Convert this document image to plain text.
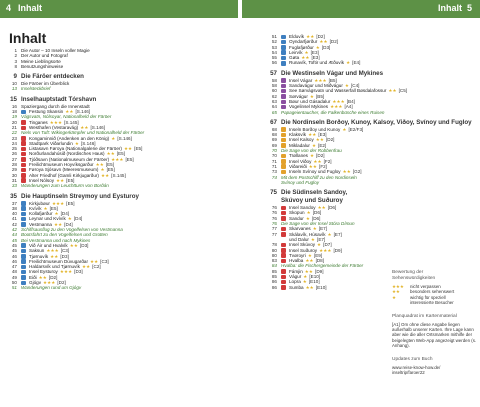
4 Inhalt	Inhalt 5
Inhalt
1 Die Autor – 10 Inseln voller Magie
2 Der Autor und Fotograf
3 Meine Lieblingsorte
8 Benutzungshinweise
9 Die Färöer entdecken
10 Die Färöer im Überblick
13 Inselsteckbrief
15 Inselhauptstadt Tórshavn
16 Spaziergang durch die Innenstadt
18	Festung Skansin ★★ [S.146]
19 Vágsvatn, Nólsoyar, Nationalheld der Färöer
20	Tinganes ★★★ [S.145]
21	Westhafen (Vestaravág) ★★ [S.146]
22 Niels von Tuft: Wikingerkämpfer und Nationalheld der Färöer
23	Kongaminnið (Andenken an den König) ★ [S.146]
24	Stadtpark Viðarlundin ★ [S.146]
25	Listasavn Føroya (Nationalgalerie der Färöer) ★★ [E5]
26	Norðurlandahúsið (Nordisches Haus) ★★ [E5]
27	Tjóðsavn (Nationalmuseum der Färöer) ★★★ [E5]
28	Freilichtmuseum Hoyvíksgarður ★★ [E5]
29	Føroya Sjósavn (Meeresmuseum) ★ [E5]
30	Alter Friedhof (Gamli Kirkjugarður) ★★ [S.145]
31	Insel Nólsoy ★★ [E5]
33 Wanderungen zum Leuchtturm von Borðán
35 Die Hauptinseln Streymoy und Eysturoy
37	Kirkjubøur ★★★ [E5]
38	Kvívík ★ [E5]
40	Kollafjørður ★ [D4]
41	Leynar und Kvívík ★ [D4]
42	Vestmanna ★★ [D4]
42 Schiffsausflug zu den Vogelfelsen von Vestmanna
44 Bootsfahrt zu den Vogelfelsen und Grotten
45 Bei Vestmanna und nach Mykines
45	Við Áir und Hvalvík ★★ [D3]
45	Saksun ★★★ [C3]
46	Tjørnuvík ★★ [D3]
46	Freilichtmuseum Dúvugarðar ★★ [C3]
47	Haldarsvík und Tjørnuvík ★★ [C2]
48	Insel Eysturoy ★★★ [D3]
49	Eiði ★★ [D2]
50	Gjógv ★★★ [D2]
51 Wanderungen rund um Gjógv
51	Elduvík ★★ [D2]
52	Oyndarfjørður ★★ [D2]
53	Fuglafjørður ★ [D3]
54	Leirvík ★ [E3]
55	Gøta ★★ [E3]
56	Runavík, Toftir und Æðuvík ★ [E4]
57 Die Westinseln Vágar und Mykines
58	Insel Vágar ★★★ [B5]
58	Sandavágur und Miðvágur ★ [C4]
60	See Sørvágsvatn und Wasserfall Bøsdalafossur ★★ [C5]
62	Sørvágur ★ [B5]
63	Bøur und Gásadalur ★★★ [B4]
64	Vogelinsel Mykines ★★★ [A4]
65 Papageientaucher, die Falkenbüsche eines Ruisen
67 Die Nordinseln Borðoy, Kunoy, Kalsoy, Viðoy, Svínoy und Fugloy
68	Inseln Borðoy und Kunoy ★ [E2/F3]
68	Klaksvík ★★ [E3]
69	Insel Kalsoy ★★ [D2]
69	Mikladalur ★ [E2]
70 Die Sage von der Robbenfrau
70	Trøllanes ★ [D2]
71	Insel Viðoy ★★ [F2]
71	Viðareiði ★★ [F2]
73	Inseln Svínoy und Fugloy ★★ [G2]
74 Mit dem Postschiff zu den Nordinseln
Svínoy und Fugloy
75 Die Südinseln Sandoy,
Skúvoy und Suðuroy
76	Insel Sandoy ★★ [D6]
76	Skopun ★ [D6]
76	Sandur ★ [D6]
76 Die Sage von der Insel Stóra Dímun
77	Skarvanes ★ [E7]
77	Skálavík, Húsavík ★ [E7]
und Dalur ★ [E7]
78	Insel Skúvoy ★ [D7]
80	Insel Suðuroy ★★★ [D9]
80	Tvøroyri ★ [E9]
83	Hvalba ★★ [D8]
84 Hvalba: die Fischergemeinde der Färöer
85	Fámjin ★★ [D9]
85	Vágur ★ [E10]
86	Lopra ★ [E10]
86	Sumba ★★ [E10]
Bewertung der
Sehenswürdigkeiten
★★★ nicht verpassen
★★ besonders sehenswert
★	wichtig für speziell
interessierte Besucher
Planquadrat im Kartenmaterial
[A1] Om ohne diese Angabe liegen außerhalb unserer Karten. Ihre Lage kann aber wie die aller Ortsmarken mithilfe der beigelegten Web-App angezeigt werden (s. Anhang).
Updates zum Buch
www.reise-know-how.de/
inseltrip/faroer22
